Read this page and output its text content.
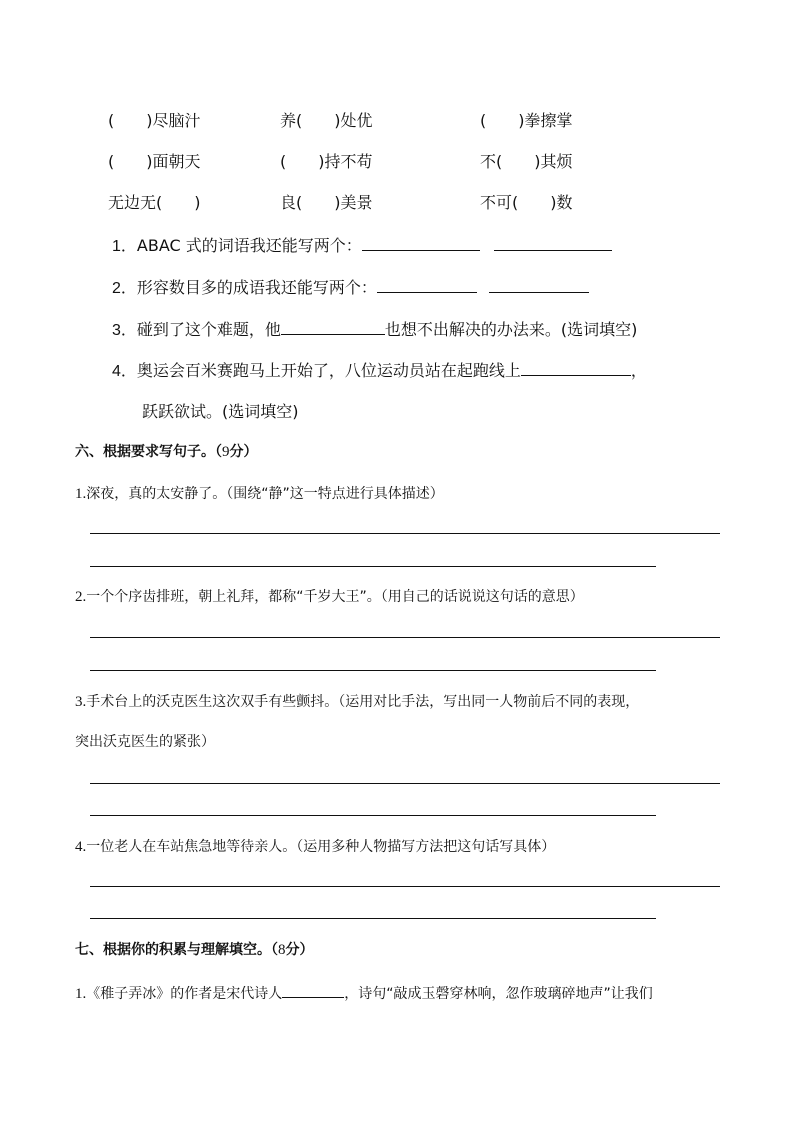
(　　)尽脑汁	养(　　)处优	(　　)拳擦掌
(　　)面朝天	(　　)持不苟	不(　　)其烦
无边无(　　)	良(　　)美景	不可(　　)数
1．ABAC 式的词语我还能写两个：
2．形容数目多的成语我还能写两个：
3．碰到了这个难题，他	也想不出解决的办法来。(选词填空)
4．奥运会百米赛跑马上开始了，八位运动员站在起跑线上	，
跃跃欲试。(选词填空)
六、根据要求写句子。（9分）
1.深夜，真的太安静了。（围绕“静”这一特点进行具体描述）
2.一个个序齿排班，朝上礼拜，都称“千岁大王”。（用自己的话说说这句话的意思）
3.手术台上的沃克医生这次双手有些颤抖。（运用对比手法，写出同一人物前后不同的表现，
突出沃克医生的紧张）
4.一位老人在车站焦急地等待亲人。（运用多种人物描写方法把这句话写具体）
七、根据你的积累与理解填空。（8分）
1.《稚子弄冰》的作者是宋代诗人	，诗句“敲成玉磬穿林响，忽作玻璃碎地声”让我们
